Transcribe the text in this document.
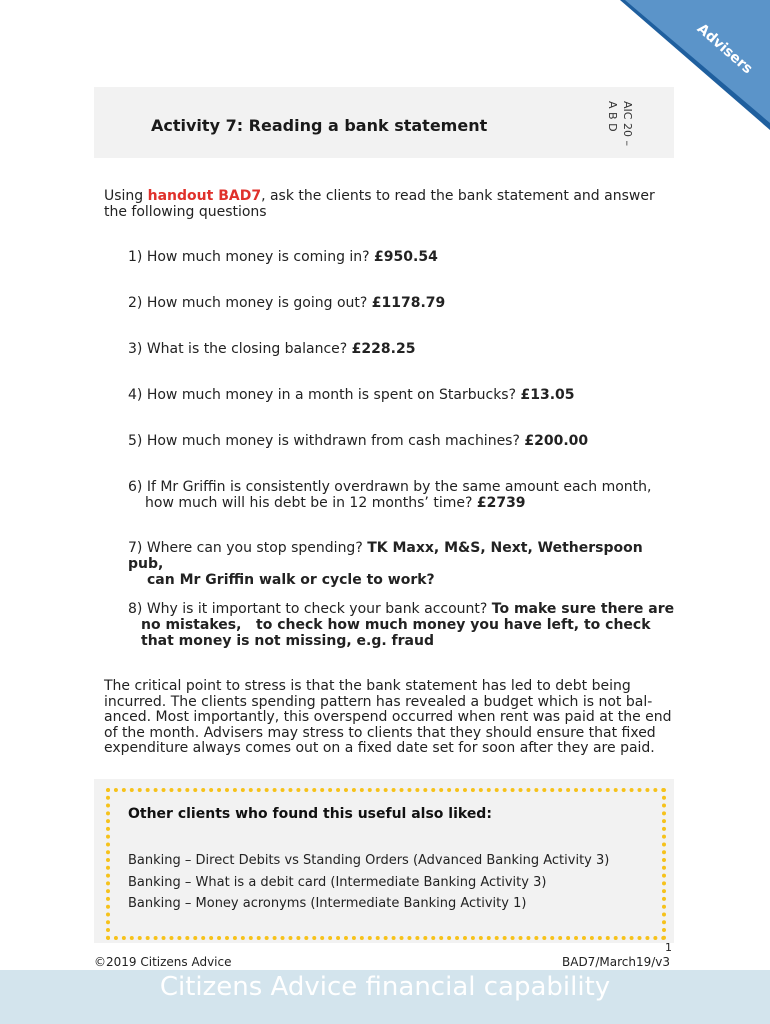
Advisers
Activity 7: Reading a bank statement	AIC 20 –
A B D
Using handout BAD7, ask the clients to read the bank statement and answer the following questions
1) How much money is coming in? £950.54
2) How much money is going out? £1178.79
3) What is the closing balance? £228.25
4) How much money in a month is spent on Starbucks? £13.05
5) How much money is withdrawn from cash machines? £200.00
6) If Mr Griffin is consistently overdrawn by the same amount each month,
how much will his debt be in 12 months’ time? £2739
7) Where can you stop spending? TK Maxx, M&S, Next, Wetherspoon pub,
can Mr Griffin walk or cycle to work?
8) Why is it important to check your bank account? To make sure there are
no mistakes,   to check how much money you have left, to check
that money is not missing, e.g. fraud
The critical point to stress is that the bank statement has led to debt being incurred. The clients spending pattern has revealed a budget which is not bal-anced. Most importantly, this overspend occurred when rent was paid at the end of the month. Advisers may stress to clients that they should ensure that fixed expenditure always comes out on a fixed date set for soon after they are paid.
Other clients who found this useful also liked:
Banking – Direct Debits vs Standing Orders (Advanced Banking Activity 3)
Banking – What is a debit card (Intermediate Banking Activity 3)
Banking – Money acronyms (Intermediate Banking Activity 1)
1
©2019 Citizens Advice	BAD7/March19/v3
Citizens Advice financial capability
